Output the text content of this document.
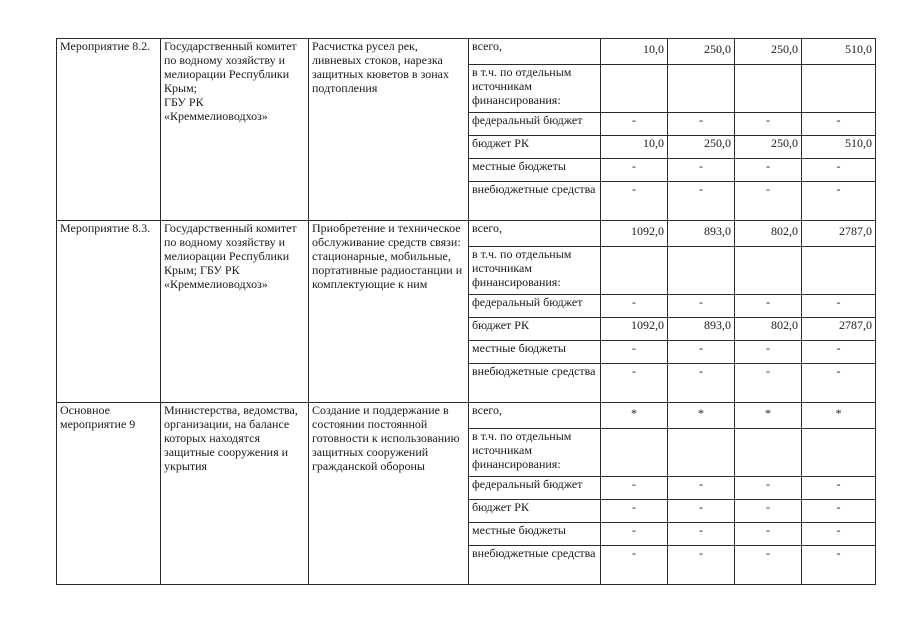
Мероприятие 8.2.	Государственный комитет по водному хозяйству и мелиорации Республики Крым;
ГБУ РК «Креммелиоводхоз»	Расчистка русел рек, ливневых стоков, нарезка защитных кюветов в зонах подтопления	всего,	10,0	250,0	250,0	510,0
			в т.ч. по отдельным источникам финансирования:				
			федеральный бюджет	-	-	-	-
			бюджет РК	10,0	250,0	250,0	510,0
			местные бюджеты	-	-	-	-
			внебюджетные средства	-	-	-	-
Мероприятие 8.3.	Государственный комитет по водному хозяйству и мелиорации Республики Крым; ГБУ РК «Креммелиоводхоз»	Приобретение и техническое обслуживание средств связи: стационарные, мобильные, портативные радиостанции и комплектующие к ним	всего,	1092,0	893,0	802,0	2787,0
			в т.ч. по отдельным источникам финансирования:				
			федеральный бюджет	-	-	-	-
			бюджет РК	1092,0	893,0	802,0	2787,0
			местные бюджеты	-	-	-	-
			внебюджетные средства	-	-	-	-
Основное мероприятие 9	Министерства, ведомства, организации, на балансе которых находятся защитные сооружения и укрытия	Создание и поддержание в состоянии постоянной готовности к использованию защитных сооружений гражданской обороны	всего,	*	*	*	*
			в т.ч. по отдельным источникам финансирования:				
			федеральный бюджет	-	-	-	-
			бюджет РК	-	-	-	-
			местные бюджеты	-	-	-	-
			внебюджетные средства	-	-	-	-
